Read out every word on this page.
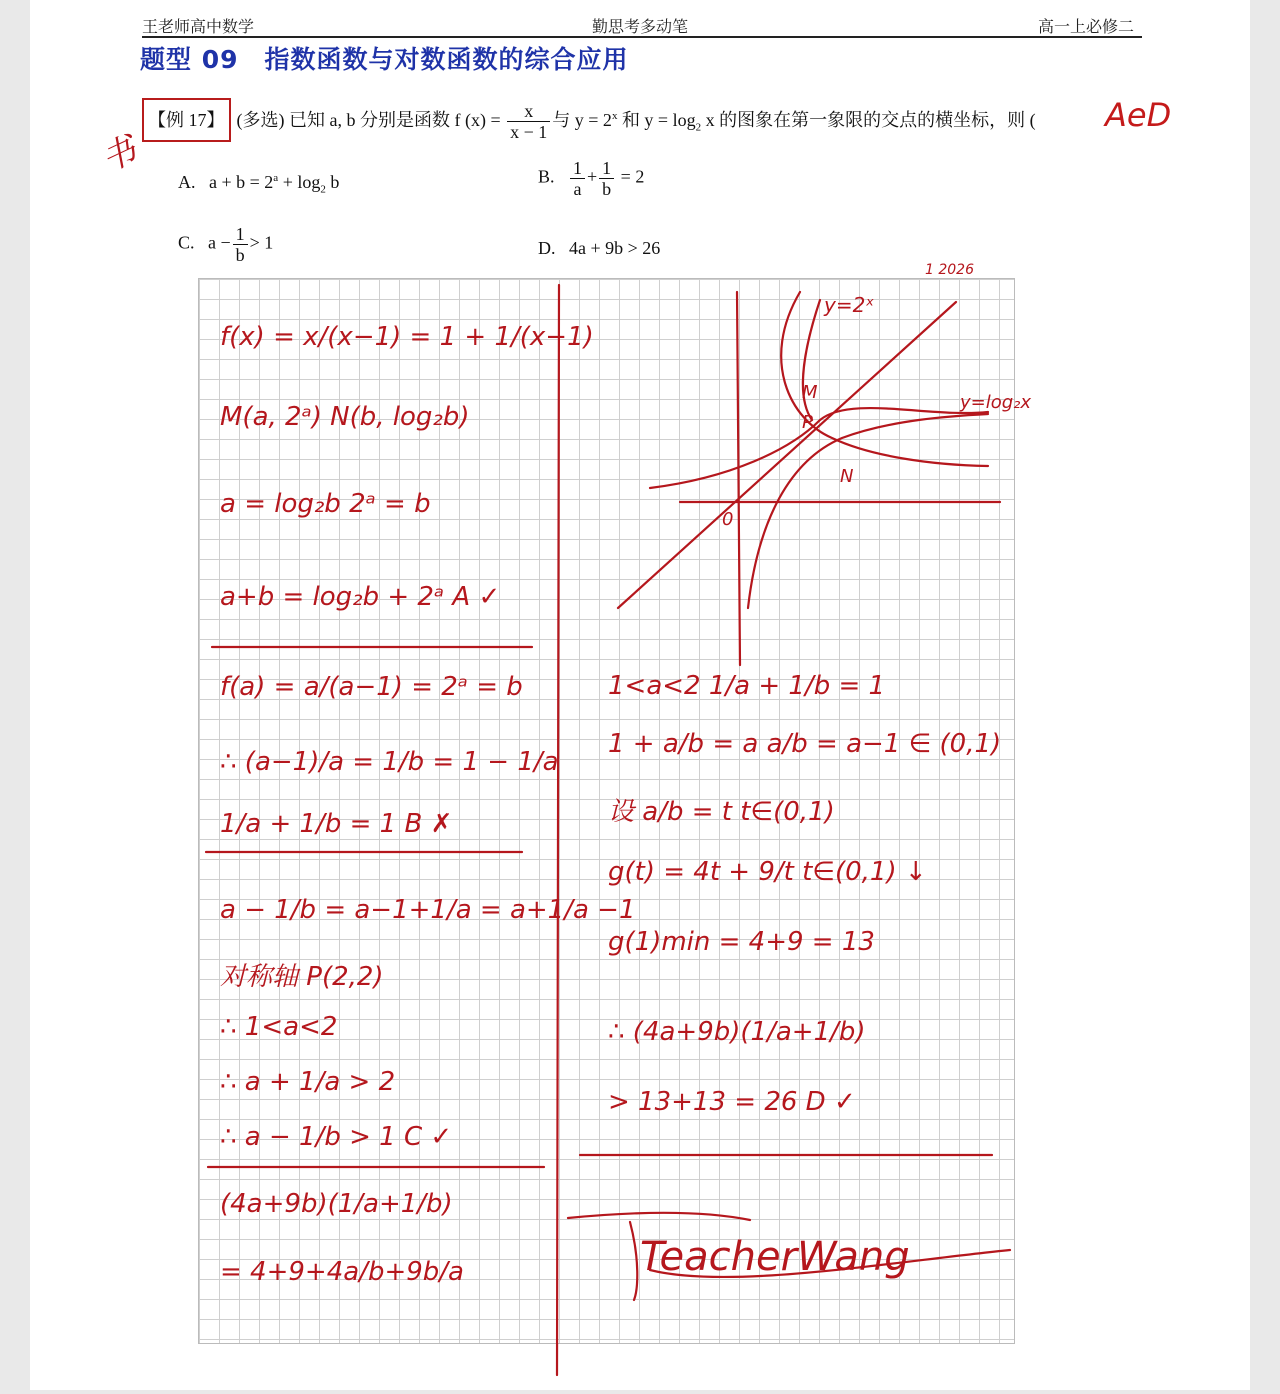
王老师高中数学	勤思考多动笔	高一上必修二
题型 09　指数函数与对数函数的综合应用
【例 17】 (多选) 已知 a, b 分别是函数 f $(x) = \frac{x}{x - 1}$ 与 $y = 2^x$ 和 $y = \log_2 x$ 的图象在第一象限的交点的横坐标，则 (	AeD
A. $a + b = 2^a + \log_2 b$	B. $\frac{1}{a} + \frac{1}{b} = 2$
C. $a - \frac{1}{b} > 1$	D. 4a + 9b > 26
书
1 2026
f(x) = x/(x−1) = 1 + 1/(x−1)
M(a, 2ᵃ) N(b, log₂b)
a = log₂b 2ᵃ = b
a+b = log₂b + 2ᵃ A ✓
f(a) = a/(a−1) = 2ᵃ = b
∴ (a−1)/a = 1/b = 1 − 1/a
1/a + 1/b = 1 B ✗
a − 1/b = a−1+1/a = a+1/a −1
对称轴 P(2,2)
∴ 1<a<2
∴ a + 1/a > 2
∴ a − 1/b > 1 C ✓
(4a+9b)(1/a+1/b)
= 4+9+4a/b+9b/a
1<a<2 1/a + 1/b = 1
1 + a/b = a a/b = a−1 ∈ (0,1)
设 a/b = t t∈(0,1)
g(t) = 4t + 9/t t∈(0,1) ↓
g(1)min = 4+9 = 13
∴ (4a+9b)(1/a+1/b)
> 13+13 = 26 D ✓
y=2ˣ
y=log₂x
M
P
N
0
TeacherWang
